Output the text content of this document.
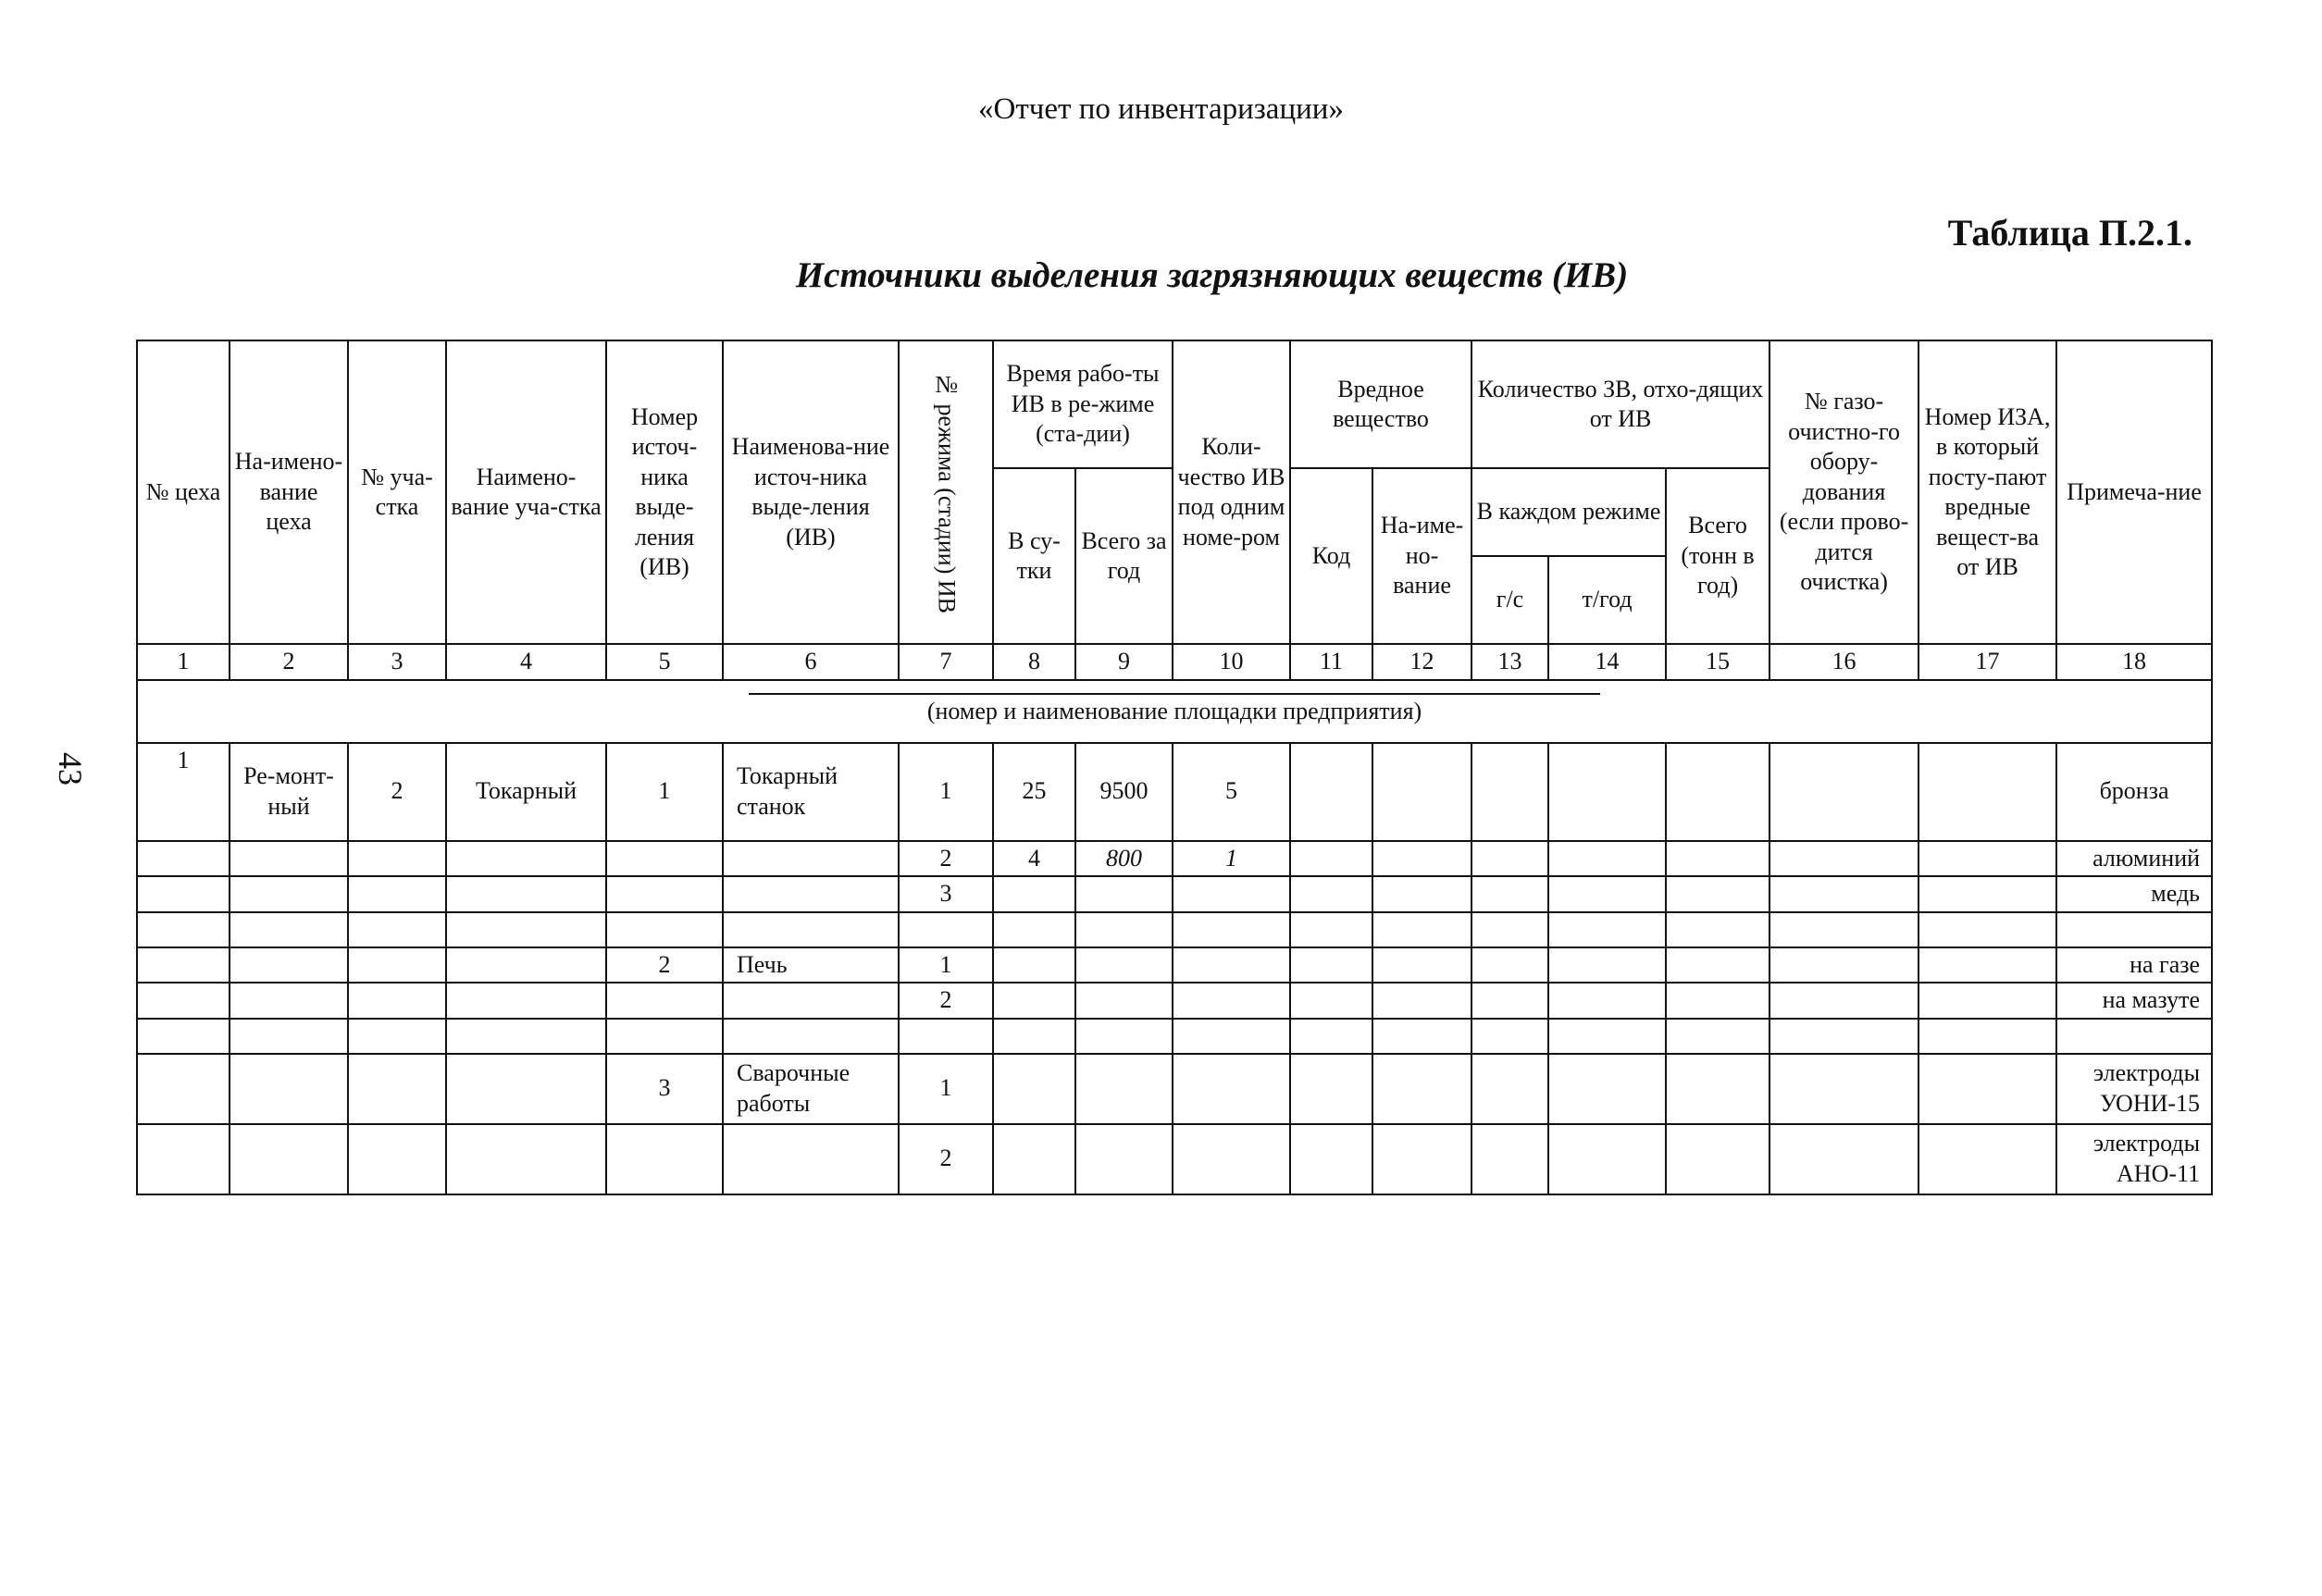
«Отчет по инвентаризации»
Таблица П.2.1.
Источники выделения загрязняющих веществ (ИВ)
43
№ цеха	На-имено-вание цеха	№ уча-стка	Наимено-вание уча-стка	Номер источ-ника выде-ления (ИВ)	Наименова-ние источ-ника выде-ления (ИВ)	№ режима (стадии) ИВ	Время рабо-ты ИВ в ре-жиме (ста-дии)		Коли-чество ИВ под одним номе-ром	Вредное вещество		Количество ЗВ, отхо-дящих от ИВ			№ газо-очистно-го обору-дования (если прово-дится очистка)	Номер ИЗА, в который посту-пают вредные вещест-ва от ИВ	Примеча-ние
							В су-тки	Всего за год		Код	На-име-но-вание	В каждом режиме		Всего (тонн в год)			
												г/с	т/год				
1	2	3	4	5	6	7	8	9	10	11	12	13	14	15	16	17	18

(номер и наименование площадки предприятия)																	

1	Ре-монт-ный	2	Токарный	1	Токарный станок	1	25	9500	5								бронза
						2	4	800	1								алюминий
						3											медь

				2	Печь	1											на газе
						2											на мазуте

				3	Сварочные работы	1											электроды УОНИ-15
						2											электроды АНО-11
